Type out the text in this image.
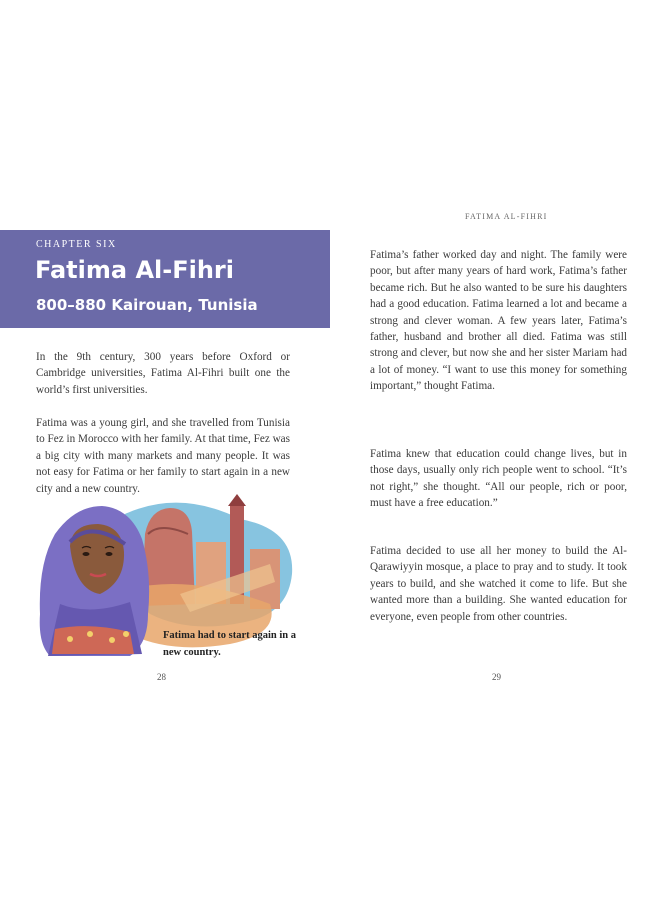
CHAPTER SIX
Fatima Al-Fihri
800–880 Kairouan, Tunisia

In the 9th century, 300 years before Oxford or Cambridge universities, Fatima Al-Fihri built one the world’s first universities.

Fatima was a young girl, and she travelled from Tunisia to Fez in Morocco with her family. At that time, Fez was a big city with many markets and many people. It was not easy for Fatima or her family to start again in a new city and a new country.

Fatima had to start again in a new country.
28
FATIMA AL-FIHRI

Fatima’s father worked day and night. The family were poor, but after many years of hard work, Fatima’s father became rich. But he also wanted to be sure his daughters had a good education. Fatima learned a lot and became a strong and clever woman. A few years later, Fatima’s father, husband and brother all died. Fatima was still strong and clever, but now she and her sister Mariam had a lot of money. “I want to use this money for something important,” thought Fatima.

Fatima knew that education could change lives, but in those days, usually only rich people went to school. “It’s not right,” she thought. “All our people, rich or poor, must have a free education.”

Fatima decided to use all her money to build the Al-Qarawiyyin mosque, a place to pray and to study. It took years to build, and she watched it come to life. But she wanted more than a building. She wanted education for everyone, even people from other countries.

29
